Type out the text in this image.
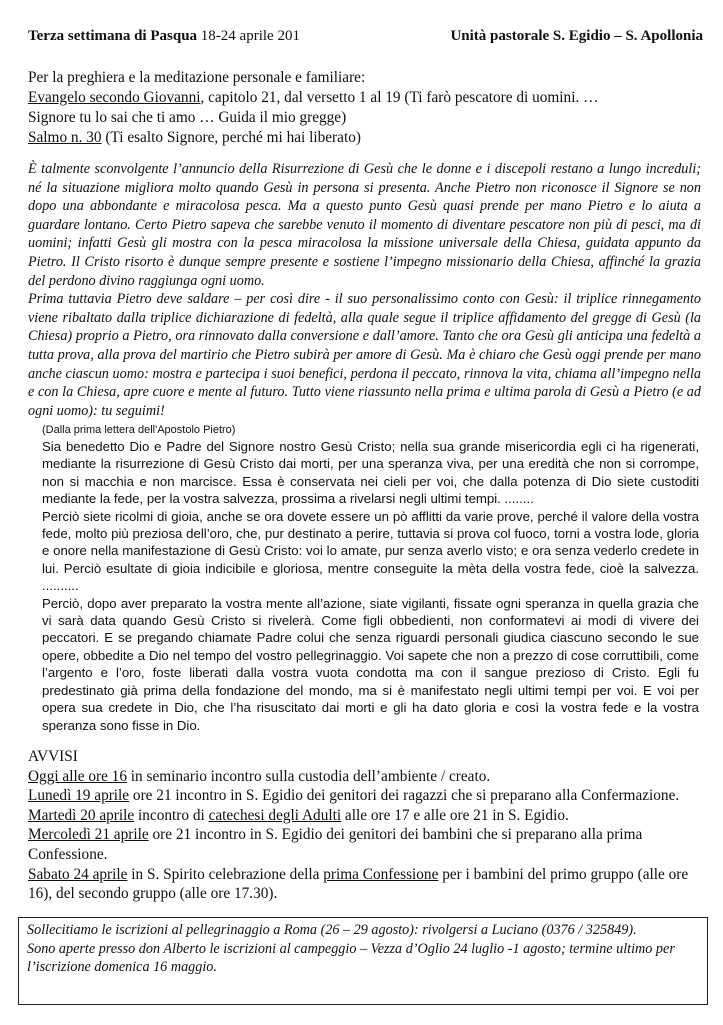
Terza settimana di Pasqua 18-24 aprile 201	Unità pastorale S. Egidio – S. Apollonia
Per la preghiera e la meditazione personale e familiare:
Evangelo secondo Giovanni, capitolo 21, dal versetto 1 al 19 (Ti farò pescatore di uomini. …
Signore tu lo sai che ti amo … Guida il mio gregge)
Salmo n. 30 (Ti esalto Signore, perché mi hai liberato)
È talmente sconvolgente l’annuncio della Risurrezione di Gesù che le donne e i discepoli restano a lungo increduli; né la situazione migliora molto quando Gesù in persona si presenta. Anche Pietro non riconosce il Signore se non dopo una abbondante e miracolosa pesca. Ma a questo punto Gesù quasi prende per mano Pietro e lo aiuta a guardare lontano. Certo Pietro sapeva che sarebbe venuto il momento di diventare pescatore non più di pesci, ma di uomini; infatti Gesù gli mostra con la pesca miracolosa la missione universale della Chiesa, guidata appunto da Pietro. Il Cristo risorto è dunque sempre presente e sostiene l’impegno missionario della Chiesa, affinché la grazia del perdono divino raggiunga ogni uomo.
Prima tuttavia Pietro deve saldare – per così dire - il suo personalissimo conto con Gesù: il triplice rinnegamento viene ribaltato dalla triplice dichiarazione di fedeltà, alla quale segue il triplice affidamento del gregge di Gesù (la Chiesa) proprio a Pietro, ora rinnovato dalla conversione e dall’amore. Tanto che ora Gesù gli anticipa una fedeltà a tutta prova, alla prova del martirio che Pietro subirà per amore di Gesù. Ma è chiaro che Gesù oggi prende per mano anche ciascun uomo: mostra e partecipa i suoi benefici, perdona il peccato, rinnova la vita, chiama all’impegno nella e con la Chiesa, apre cuore e mente al futuro. Tutto viene riassunto nella prima e ultima parola di Gesù a Pietro (e ad ogni uomo): tu seguimi!
(Dalla prima lettera dell'Apostolo Pietro)
Sia benedetto Dio e Padre del Signore nostro Gesù Cristo; nella sua grande misericordia egli ci ha rigenerati, mediante la risurrezione di Gesù Cristo dai morti, per una speranza viva, per una eredità che non si corrompe, non si macchia e non marcisce. Essa è conservata nei cieli per voi, che dalla potenza di Dio siete custoditi mediante la fede, per la vostra salvezza, prossima a rivelarsi negli ultimi tempi. ........
Perciò siete ricolmi di gioia, anche se ora dovete essere un pò afflitti da varie prove, perché il valore della vostra fede, molto più preziosa dell’oro, che, pur destinato a perire, tuttavia si prova col fuoco, torni a vostra lode, gloria e onore nella manifestazione di Gesù Cristo: voi lo amate, pur senza averlo visto; e ora senza vederlo credete in lui. Perciò esultate di gioia indicibile e gloriosa, mentre conseguite la mèta della vostra fede, cioè la salvezza. ..........
Perciò, dopo aver preparato la vostra mente all’azione, siate vigilanti, fissate ogni speranza in quella grazia che vi sarà data quando Gesù Cristo si rivelerà. Come figli obbedienti, non conformatevi ai modi di vivere dei peccatori. E se pregando chiamate Padre colui che senza riguardi personali giudica ciascuno secondo le sue opere, obbedite a Dio nel tempo del vostro pellegrinaggio. Voi sapete che non a prezzo di cose corruttibili, come l’argento e l’oro, foste liberati dalla vostra vuota condotta ma con il sangue prezioso di Cristo. Egli fu predestinato già prima della fondazione del mondo, ma si è manifestato negli ultimi tempi per voi. E voi per opera sua credete in Dio, che l’ha risuscitato dai morti e gli ha dato gloria e così la vostra fede e la vostra speranza sono fisse in Dio.
AVVISI
Oggi alle ore 16 in seminario incontro sulla custodia dell’ambiente / creato.
Lunedì 19 aprile ore 21 incontro in S. Egidio dei genitori dei ragazzi che si preparano alla Confermazione.
Martedì 20 aprile incontro di catechesi degli Adulti alle ore 17 e alle ore 21 in S. Egidio.
Mercoledì 21 aprile ore 21 incontro in S. Egidio dei genitori dei bambini che si preparano alla prima Confessione.
Sabato 24 aprile in S. Spirito celebrazione della prima Confessione per i bambini del primo gruppo (alle ore 16), del secondo gruppo (alle ore 17.30).
Sollecitiamo le iscrizioni al pellegrinaggio a Roma (26 – 29 agosto): rivolgersi a Luciano (0376 / 325849).
Sono aperte presso don Alberto le iscrizioni al campeggio – Vezza d’Oglio 24 luglio -1 agosto; termine ultimo per l’iscrizione domenica 16 maggio.
